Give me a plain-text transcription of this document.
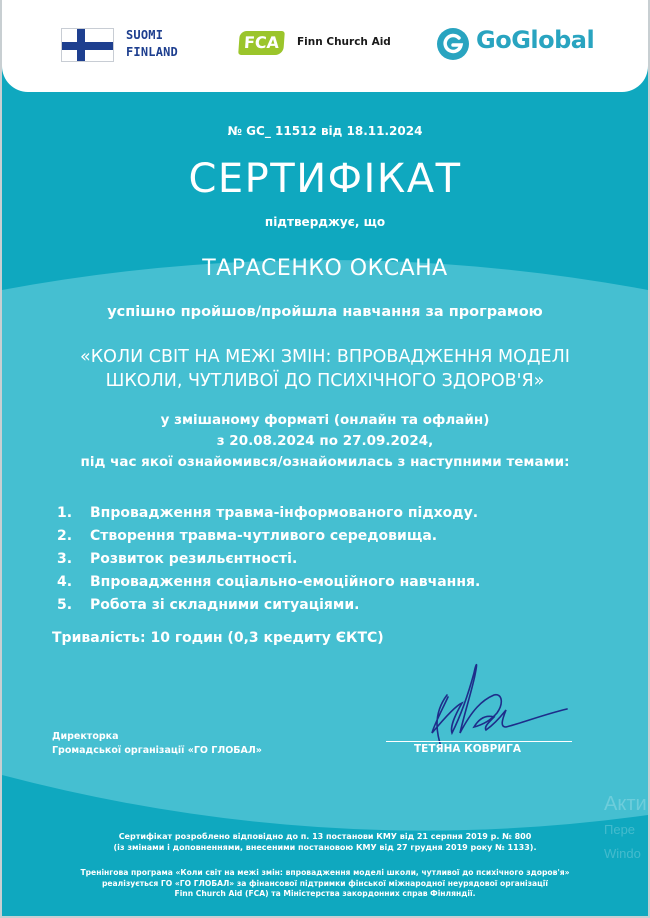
SUOMI
FINLAND	FCA	Finn Church Aid	GoGlobal
№ GC_ 11512 від 18.11.2024
СЕРТИФІКАТ
підтверджує, що
ТАРАСЕНКО ОКСАНА
успішно пройшов/пройшла навчання за програмою
«КОЛИ СВІТ НА МЕЖІ ЗМІН: ВПРОВАДЖЕННЯ МОДЕЛІ
ШКОЛИ, ЧУТЛИВОЇ ДО ПСИХІЧНОГО ЗДОРОВ'Я»
у змішаному форматі (онлайн та офлайн)
з 20.08.2024 по 27.09.2024,
під час якої ознайомився/ознайомилась з наступними темами:
1. Впровадження травма-інформованого підходу.
2. Створення травма-чутливого середовища.
3. Розвиток резильєнтності.
4. Впровадження соціально-емоційного навчання.
5. Робота зі складними ситуаціями.
Тривалість: 10 годин (0,3 кредиту ЄКТС)
Директорка
Громадської організації «ГО ГЛОБАЛ»	ТЕТЯНА КОВРИГА
Сертифікат розроблено відповідно до п. 13 постанови КМУ від 21 серпня 2019 р. № 800
(із змінами і доповненнями, внесеними постановою КМУ від 27 грудня 2019 року № 1133).
Тренінгова програма «Коли світ на межі змін: впровадження моделі школи, чутливої до психічного здоров'я»
реалізується ГО «ГО ГЛОБАЛ» за фінансової підтримки фінської міжнародної неурядової організації
Finn Church Aid (FCA) та Міністерства закордонних справ Фінляндії.
Акти
Пере
Windo
